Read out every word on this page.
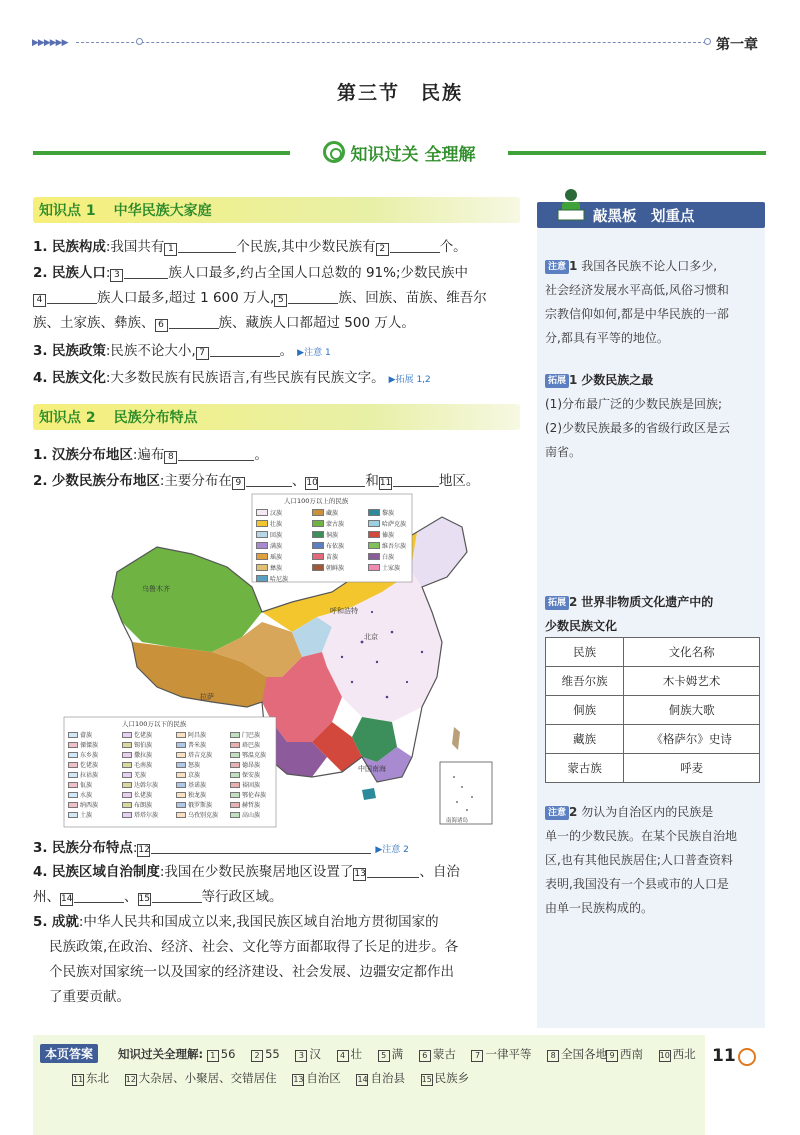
▶▶▶▶▶▶	第一章
第三节　民族
知识过关 全理解
知识点 1 中华民族大家庭
1. 民族构成:我国共有 1	个民族,其中少数民族有 2	个。
2. 民族人口: 3	族人口最多,约占全国人口总数的 91%;少数民族中
4	族人口最多,超过 1 600 万人, 5	族、回族、苗族、维吾尔
族、土家族、彝族、 6	族、藏族人口都超过 500 万人。
3. 民族政策:民族不论大小, 7	。 ▶注意 1
4. 民族文化:大多数民族有民族语言,有些民族有民族文字。 ▶拓展 1,2
知识点 2 民族分布特点
1. 汉族分布地区:遍布 8	。
2. 少数民族分布地区:主要分布在 9	、10	和11	地区。
人口100万以上的民族
汉族	藏族	黎族
壮族	蒙古族	哈萨克族
回族	侗族	傣族
满族	布依族	维吾尔族
瑶族	苗族	白族
彝族	朝鲜族	土家族
哈尼族
人口100万以下的民族
畲族	仡佬族	阿昌族	门巴族
傈僳族	锡伯族	普米族	珞巴族
东乡族	撒拉族	塔吉克族	鄂温克族
仡佬族	毛南族	怒族	德昂族
拉祜族	羌族	京族	保安族
佤族	达斡尔族	基诺族	裕固族
水族	仫佬族	独龙族	鄂伦春族
纳西族	布朗族	俄罗斯族	赫哲族
土族	塔塔尔族	乌孜别克族	高山族
乌鲁木齐
拉萨
呼和浩特
北京
中国南海
南海诸岛
3. 民族分布特点:12	▶注意 2
4. 民族区域自治制度:我国在少数民族聚居地区设置了13	、自治
州、14	、15	等行政区域。
5. 成就:中华人民共和国成立以来,我国民族区域自治地方贯彻国家的
民族政策,在政治、经济、社会、文化等方面都取得了长足的进步。各
个民族对国家统一以及国家的经济建设、社会发展、边疆安定都作出
了重要贡献。
敲黑板　划重点
注意 1 我国各民族不论人口多少,
社会经济发展水平高低,风俗习惯和
宗教信仰如何,都是中华民族的一部
分,都具有平等的地位。
拓展 1 少数民族之最
(1)分布最广泛的少数民族是回族;
(2)少数民族最多的省级行政区是云
南省。
拓展 2 世界非物质文化遗产中的
少数民族文化
民族	文化名称
维吾尔族	木卡姆艺术
侗族	侗族大歌
藏族	《格萨尔》史诗
蒙古族	呼麦
注意 2 勿认为自治区内的民族是
单一的少数民族。在某个民族自治地
区,也有其他民族居住;人口普查资料
表明,我国没有一个县或市的人口是
由单一民族构成的。
本页答案	知识过关全理解: 1 56 2 55 3 汉 4 壮 5 满 6 蒙古 7 一律平等 8 全国各地 9 西南 10 西北
11 东北 12 大杂居、小聚居、交错居住 13 自治区 14 自治县 15 民族乡
11
